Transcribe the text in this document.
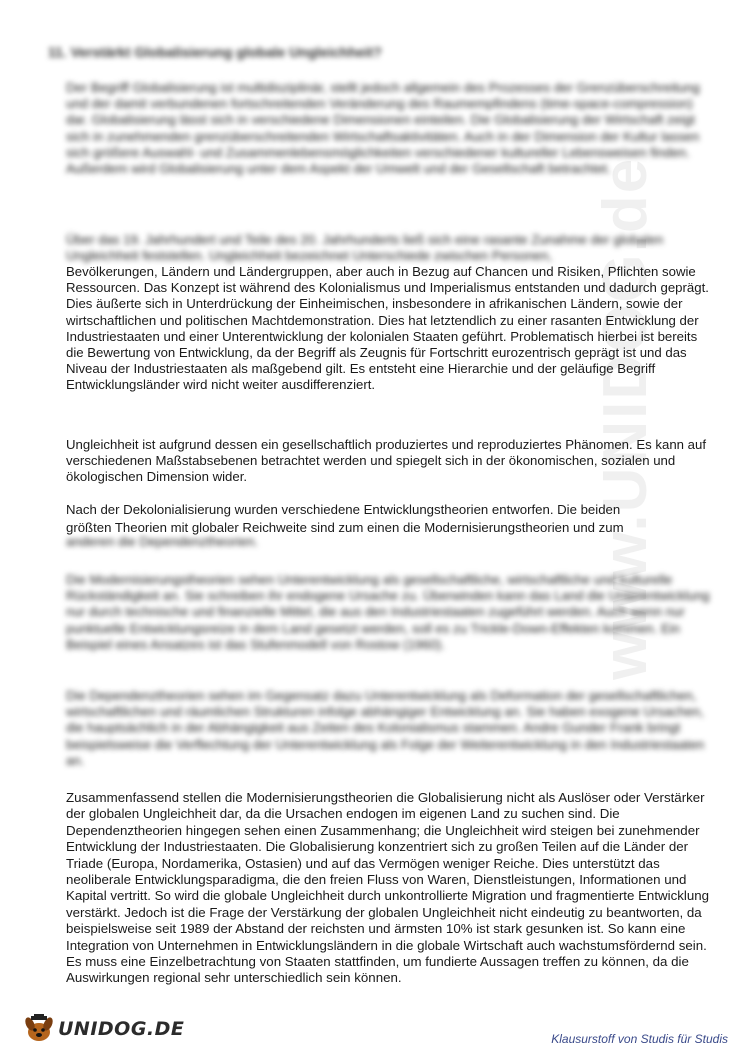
www.UNIDOG.de
11. Verstärkt Globalisierung globale Ungleichheit?

Der Begriff Globalisierung ist multidisziplinär, stellt jedoch allgemein des Prozesses der Grenzüberschreitung und der damit verbundenen fortschreitenden Veränderung des Raumempfindens (time-space-compression) dar. Globalisierung lässt sich in verschiedene Dimensionen einteilen. Die Globalisierung der Wirtschaft zeigt sich in zunehmenden grenzüberschreitenden Wirtschaftsaktivitäten. Auch in der Dimension der Kultur lassen sich größere Auswahl- und Zusammenlebensmöglichkeiten verschiedener kultureller Lebensweisen finden. Außerdem wird Globalisierung unter dem Aspekt der Umwelt und der Gesellschaft betrachtet.

Über das 19. Jahrhundert und Teile des 20. Jahrhunderts ließ sich eine rasante Zunahme der globalen Ungleichheit feststellen. Ungleichheit bezeichnet Unterschiede zwischen Personen,

Bevölkerungen, Ländern und Ländergruppen, aber auch in Bezug auf Chancen und Risiken, Pflichten sowie Ressourcen. Das Konzept ist während des Kolonialismus und Imperialismus entstanden und dadurch geprägt. Dies äußerte sich in Unterdrückung der Einheimischen, insbesondere in afrikanischen Ländern, sowie der wirtschaftlichen und politischen Machtdemonstration. Dies hat letztendlich zu einer rasanten Entwicklung der Industriestaaten und einer Unterentwicklung der kolonialen Staaten geführt. Problematisch hierbei ist bereits die Bewertung von Entwicklung, da der Begriff als Zeugnis für Fortschritt eurozentrisch geprägt ist und das Niveau der Industriestaaten als maßgebend gilt. Es entsteht eine Hierarchie und der geläufige Begriff Entwicklungsländer wird nicht weiter ausdifferenziert.

Ungleichheit ist aufgrund dessen ein gesellschaftlich produziertes und reproduziertes Phänomen. Es kann auf verschiedenen Maßstabsebenen betrachtet werden und spiegelt sich in der ökonomischen, sozialen und ökologischen Dimension wider.

Nach der Dekolonialisierung wurden verschiedene Entwicklungstheorien entworfen. Die beiden

größten Theorien mit globaler Reichweite sind zum einen die Modernisierungstheorien und zum

anderen die Dependenztheorien.

Die Modernisierungstheorien sehen Unterentwicklung als gesellschaftliche, wirtschaftliche und kulturelle Rückständigkeit an. Sie schreiben ihr endogene Ursache zu. Überwinden kann das Land die Unterentwicklung nur durch technische und finanzielle Mittel, die aus den Industriestaaten zugeführt werden. Auch wenn nur punktuelle Entwicklungsreize in dem Land gesetzt werden, soll es zu Trickle-Down-Effekten kommen. Ein Beispiel eines Ansatzes ist das Stufenmodell von Rostow (1960).

Die Dependenztheorien sehen im Gegensatz dazu Unterentwicklung als Deformation der gesellschaftlichen, wirtschaftlichen und räumlichen Strukturen infolge abhängiger Entwicklung an. Sie haben exogene Ursachen, die hauptsächlich in der Abhängigkeit aus Zeiten des Kolonialismus stammen. Andre Gunder Frank bringt beispielsweise die Verflechtung der Unterentwicklung als Folge der Weiterentwicklung in den Industriestaaten an.

Zusammenfassend stellen die Modernisierungstheorien die Globalisierung nicht als Auslöser oder Verstärker der globalen Ungleichheit dar, da die Ursachen endogen im eigenen Land zu suchen sind. Die Dependenztheorien hingegen sehen einen Zusammenhang; die Ungleichheit wird steigen bei zunehmender Entwicklung der Industriestaaten. Die Globalisierung konzentriert sich zu großen Teilen auf die Länder der Triade (Europa, Nordamerika, Ostasien) und auf das Vermögen weniger Reiche. Dies unterstützt das neoliberale Entwicklungsparadigma, die den freien Fluss von Waren, Dienstleistungen, Informationen und Kapital vertritt. So wird die globale Ungleichheit durch unkontrollierte Migration und fragmentierte Entwicklung verstärkt. Jedoch ist die Frage der Verstärkung der globalen Ungleichheit nicht eindeutig zu beantworten, da beispielsweise seit 1989 der Abstand der reichsten und ärmsten 10% ist stark gesunken ist. So kann eine Integration von Unternehmen in Entwicklungsländern in die globale Wirtschaft auch wachstumsfördernd sein. Es muss eine Einzelbetrachtung von Staaten stattfinden, um fundierte Aussagen treffen zu können, da die Auswirkungen regional sehr unterschiedlich sein können.

UNIDOG.DE	Klausurstoff von Studis für Studis
